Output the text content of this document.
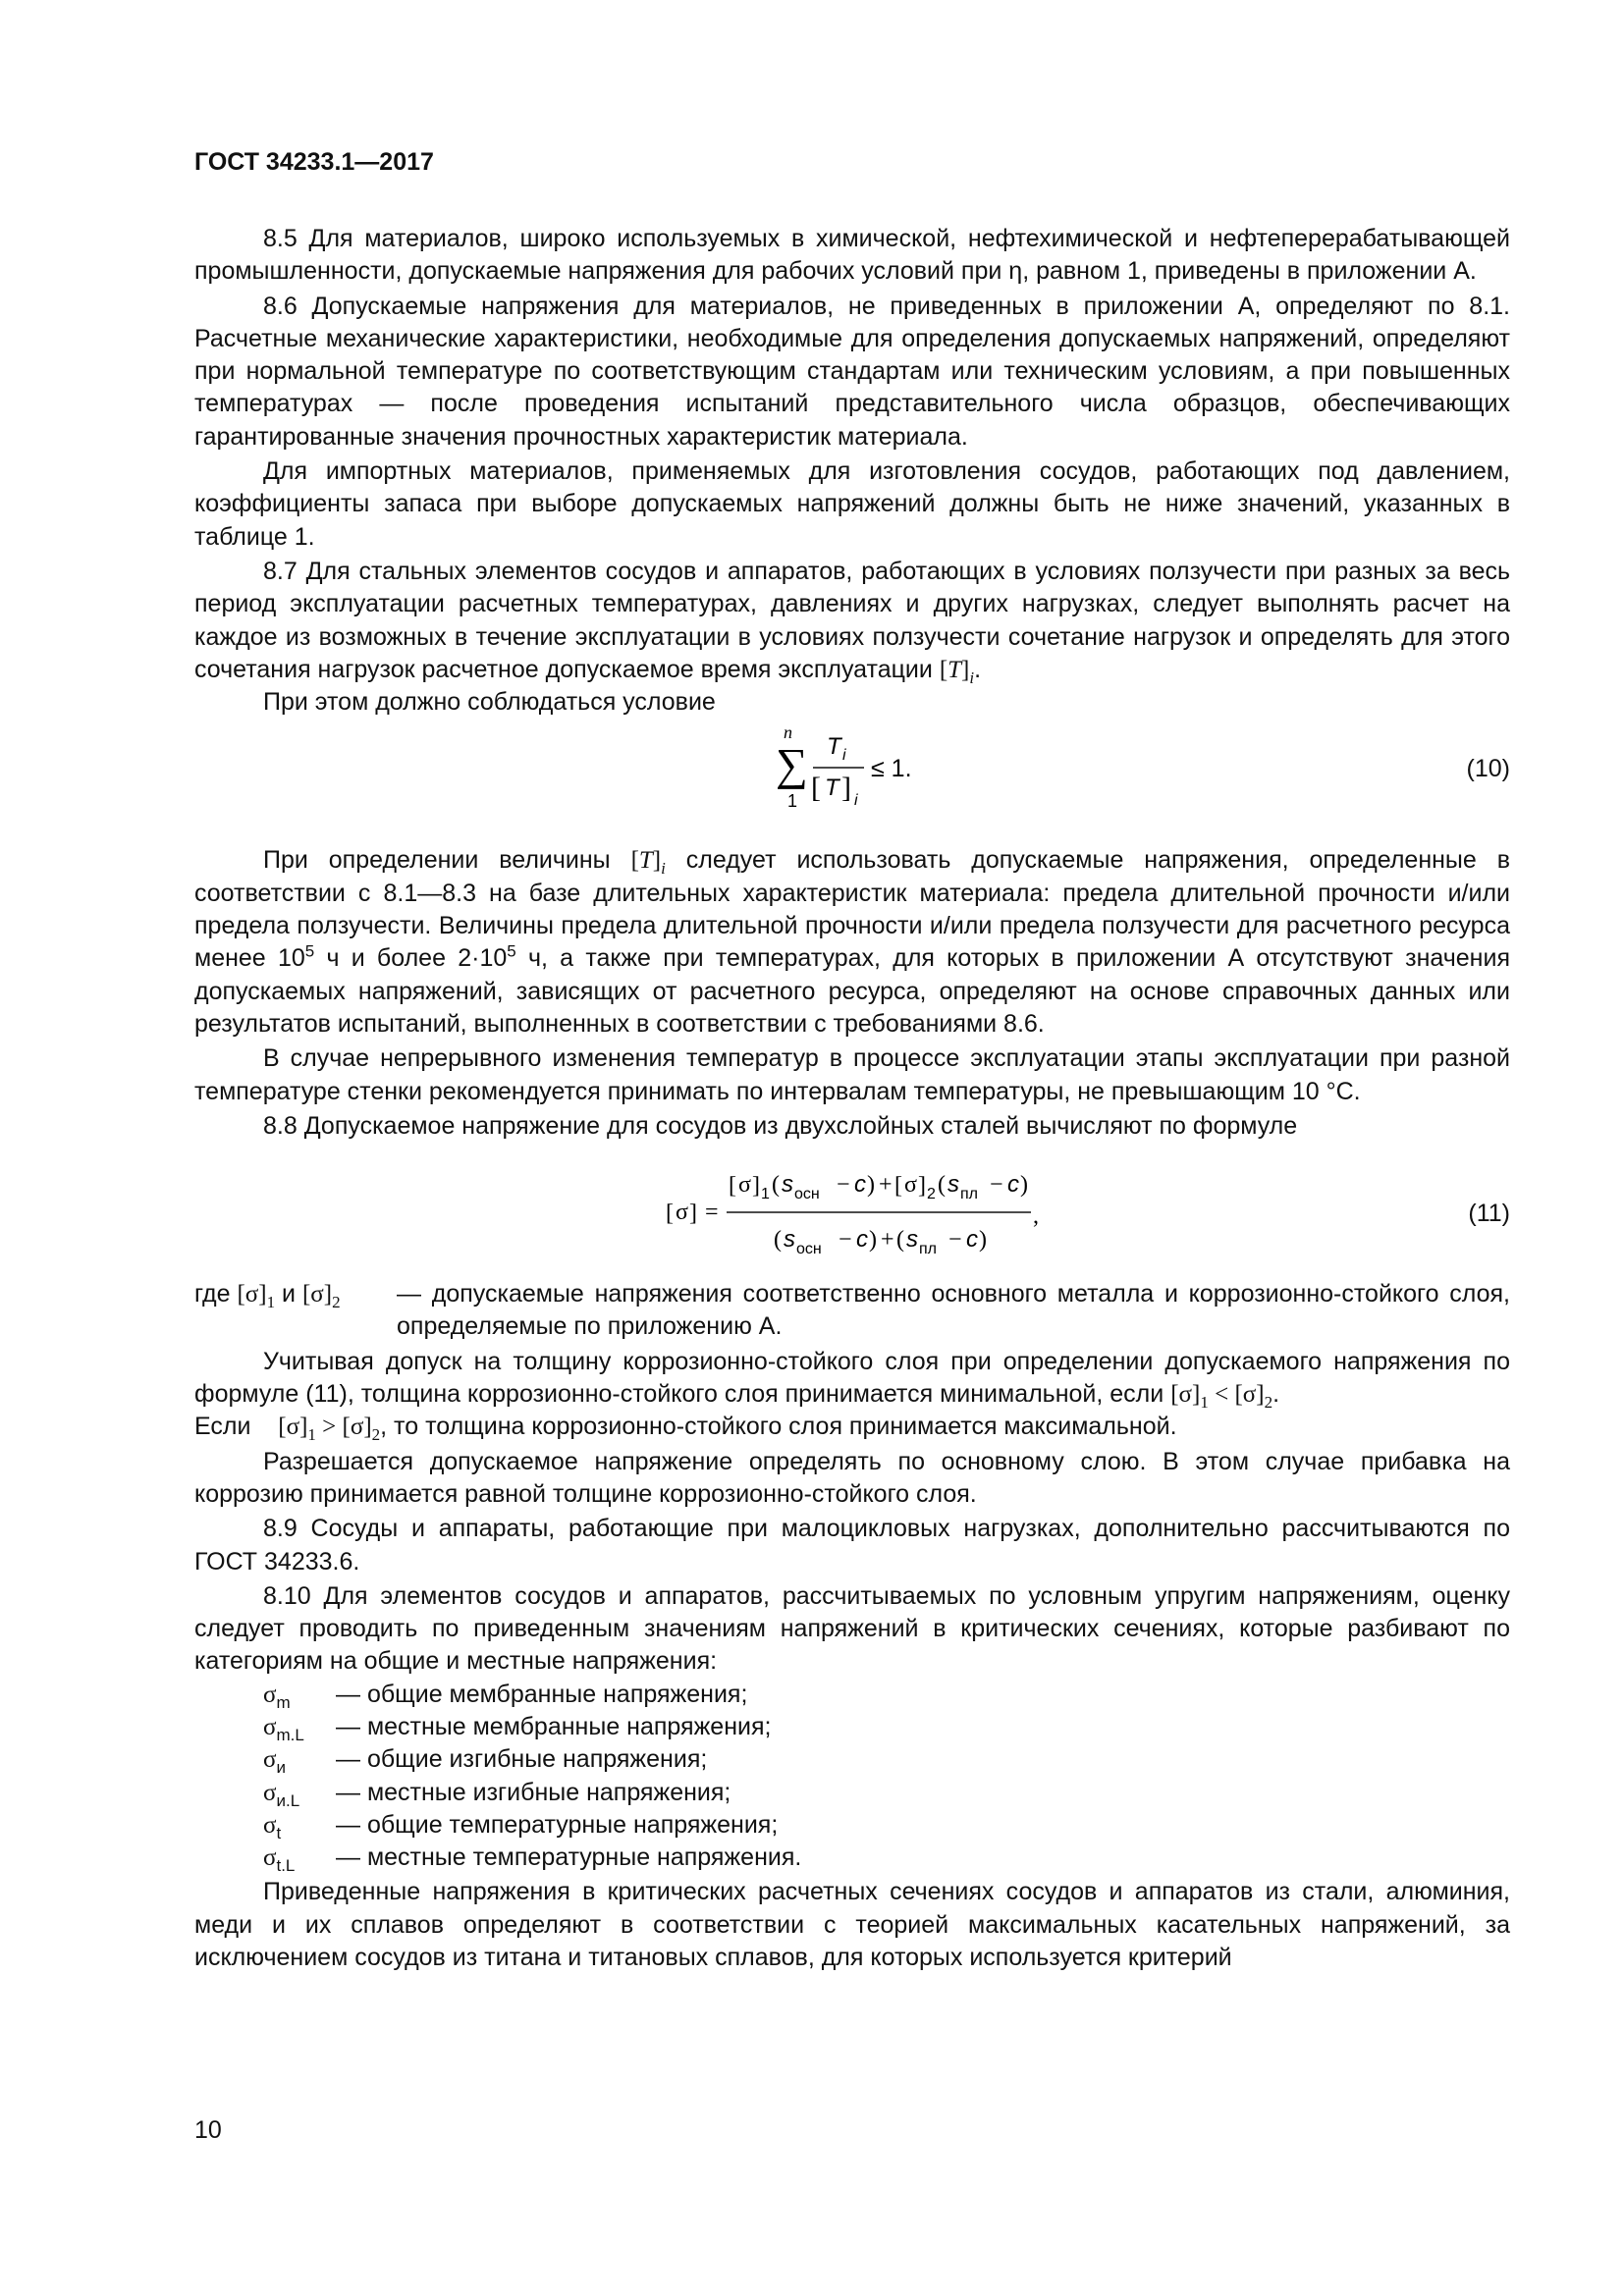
ГОСТ 34233.1—2017

8.5 Для материалов, широко используемых в химической, нефтехимической и нефтеперерабатывающей промышленности, допускаемые напряжения для рабочих условий при η, равном 1, приведены в приложении А.

8.6 Допускаемые напряжения для материалов, не приведенных в приложении А, определяют по 8.1. Расчетные механические характеристики, необходимые для определения допускаемых напряжений, определяют при нормальной температуре по соответствующим стандартам или техническим условиям, а при повышенных температурах — после проведения испытаний представительного числа образцов, обеспечивающих гарантированные значения прочностных характеристик материала.

Для импортных материалов, применяемых для изготовления сосудов, работающих под давлением, коэффициенты запаса при выборе допускаемых напряжений должны быть не ниже значений, указанных в таблице 1.

8.7 Для стальных элементов сосудов и аппаратов, работающих в условиях ползучести при разных за весь период эксплуатации расчетных температурах, давлениях и других нагрузках, следует выполнять расчет на каждое из возможных в течение эксплуатации в условиях ползучести сочетание нагрузок и определять для этого сочетания нагрузок расчетное допускаемое время эксплуатации $[T]_i$.

При этом должно соблюдаться условие

n
∑
1
T i
[ T ] i
≤ 1.	(10)

При определении величины $[T]_i$ следует использовать допускаемые напряжения, определенные в соответствии с 8.1—8.3 на базе длительных характеристик материала: предела длительной прочности и/или предела ползучести. Величины предела длительной прочности и/или предела ползучести для расчетного ресурса менее $10^5$ ч и более $2\cdot 10^5$ ч, а также при температурах, для которых в приложении А отсутствуют значения допускаемых напряжений, зависящих от расчетного ресурса, определяют на основе справочных данных или результатов испытаний, выполненных в соответствии с требованиями 8.6.

В случае непрерывного изменения температур в процессе эксплуатации этапы эксплуатации при разной температуре стенки рекомендуется принимать по интервалам температуры, не превышающим 10 °С.

8.8 Допускаемое напряжение для сосудов из двухслойных сталей вычисляют по формуле

[ σ ] =
[ σ ] 1 ( s осн − c ) + [ σ ] 2 ( s пл − c )
( s осн − c ) + ( s пл − c )
,	(11)

где $[\sigma]_1$ и $[\sigma]_2$ — допускаемые напряжения соответственно основного металла и коррозионно-стойкого слоя, определяемые по приложению А.

Учитывая допуск на толщину коррозионно-стойкого слоя при определении допускаемого напряжения по формуле (11), толщина коррозионно-стойкого слоя принимается минимальной, если $[\sigma]_1 < [\sigma]_2$.

Если $[\sigma]_1 > [\sigma]_2$, то толщина коррозионно-стойкого слоя принимается максимальной.

Разрешается допускаемое напряжение определять по основному слою. В этом случае прибавка на коррозию принимается равной толщине коррозионно-стойкого слоя.

8.9 Сосуды и аппараты, работающие при малоцикловых нагрузках, дополнительно рассчитываются по ГОСТ 34233.6.

8.10 Для элементов сосудов и аппаратов, рассчитываемых по условным упругим напряжениям, оценку следует проводить по приведенным значениям напряжений в критических сечениях, которые разбивают по категориям на общие и местные напряжения:

$\sigma_m$	— общие мембранные напряжения;
$\sigma_{m.L}$	— местные мембранные напряжения;
$\sigma_и$	— общие изгибные напряжения;
$\sigma_{и.L}$	— местные изгибные напряжения;
$\sigma_t$	— общие температурные напряжения;
$\sigma_{t.L}$	— местные температурные напряжения.

Приведенные напряжения в критических расчетных сечениях сосудов и аппаратов из стали, алюминия, меди и их сплавов определяют в соответствии с теорией максимальных касательных напряжений, за исключением сосудов из титана и титановых сплавов, для которых используется критерий

10
